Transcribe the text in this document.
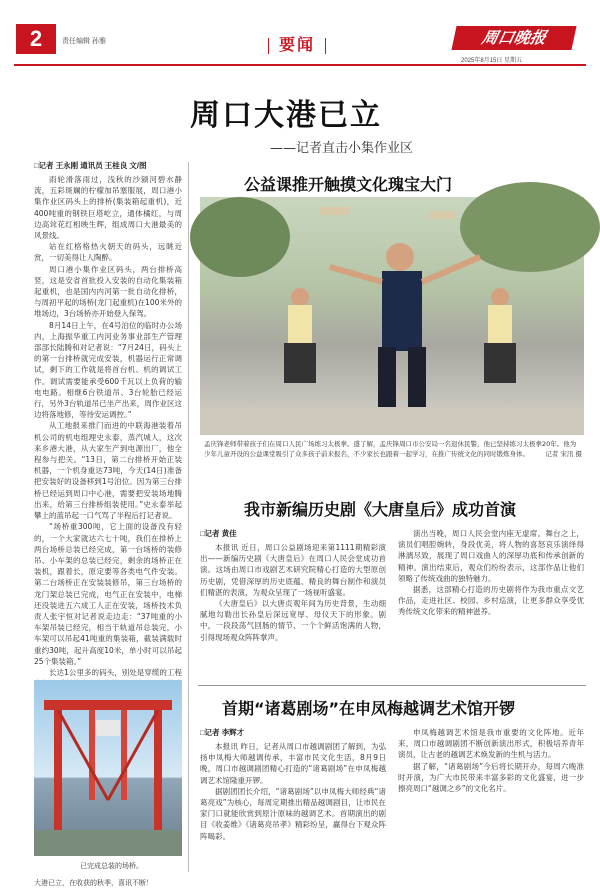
2	责任编辑 孙雅	要闻	周口晚报
2025年8月15日 星期五
周口大港已立
——记者直击小集作业区
□记者 王永刚 通讯员 王桂良 文/图

雨轮滑落雨过，浅秋的沙颍河碧水静流，五彩斑斓的柠檬加吊塞服展，周口港小集作业区码头上的排桥(集装箱起重机)，近400吨重的钢铁巨塔屹立，通体橘红，与周边高耸花红相映生辉，组成周口大港最美的风景线。

站在红格格热火朝天的码头，远眺近赏，一切美得让人陶醉。

周口港小集作业区码头，两台排桥高竖，这是安省首批投入安装的自动化集装箱起重机，也是国内内河第一批自动化排桥，与周初平起的场桥(龙门起重机)在100米外的堆场边，3台场桥亦开始登入保驾。

8月14日上午，在4号泊位的临时办公场内，上海振华重工内河业务事业部生产管理部部长陆腾和对记者说：“7月24日，码头上的第一台排桥就完成安装，机器运行正常调试，剩下的工作就是将首台机、机的调试工作。调试需要能承受600千瓦以上负荷的输电电路。相继6台铁道吊、3台轮胎已经运行，另外3台轨道吊已坐产出来，周作业区这边将落地修，等待安运调控。”

从工地报来推门而进的中联海港装着吊机公司的机电组理史永泰，蒸汽城人，这次来乡港大港，从大家生产到电源出厂，他全程参与把关。“13日，第二台排桥开始正装机器，一个机身重达73吨，今天(14日)准备把安装好的设备移到1号泊位。因为第三台排桥已经运到周口中心港，需要把安装场地腾出来，给第三台排桥组装使用。”史永泰举起攀上的蓝吊起一口气骂了半程后打记者说。

“场桥重300吨，它上面的设备没有轻的，一个大家就达六七十吨，我们在排桥上两台场桥总装已经完成，第一台场桥的装修吊、小车架的总装已经完，剩余的场桥正在装机，跟着长，原定要等各类电气件安装。第二台场桥正在安装装修吊，第三台场桥的龙门架总装已完成，电气正在安装中，电梯还没装进五六成工人正在安装，场桥技术负责人张宇恒对记者说走边走：“37吨重的小车架吊装已经完，相当于轨道吊总装完，小车架可以吊起41吨重的集装箱，截装满载时重约30吨，起升高度10米，单小时可以吊起25个集装箱。”

长达1公里多的码头，别处是穿缆的工程

已完成总装的场桥。
公益课推开触摸文化瑰宝大门
孟庆锋老师带着孩子们在周口人民广场练习太极拳。盛了解，孟庆锋周口市公安局一名退休民警，他已坚持练习太极拳20年。他为少年儿童开设的公益课堂吸引了众多孩子前来报名，不少家长也跟着一起学习，在推广传统文化的同时锻炼身体。	记者 宋汛 摄
我市新编历史剧《大唐皇后》成功首演
□记者 黄佳

本报讯 近日，周口公益剧场迎来第1111期精彩演出——新编历史剧《大唐皇后》在周口人民会堂成功首演。这场由周口市戏剧艺术研究院精心打造的大型原创历史剧，凭借深厚的历史底蕴、精良的舞台制作和演员们精湛的表演，为观众呈现了一场视听盛宴。

《大唐皇后》以大唐贞观年间为历史背景，生动细腻地勾勒出长孙皇后深远宽厚、母仪天下的形象。剧中，一段段荡气回肠的情节、一个个鲜活饱满的人物，引得现场观众阵阵掌声。

演出当晚，周口人民会堂内座无虚席。舞台之上，演员们唱腔婉转，身段优美，将人物的喜怒哀乐演绎得淋漓尽致，展现了周口戏曲人的深厚功底和传承创新的精神。演出结束后，观众们纷纷表示，这部作品让他们领略了传统戏曲的独特魅力。

据悉，这部精心打造的历史剧将作为我市重点文艺作品，走进社区、校园、乡村巡演，让更多群众享受优秀传统文化带来的精神滋养。

首期“诸葛剧场”在申凤梅越调艺术馆开锣
□记者 李辉才

本报讯 昨日，记者从周口市越调剧团了解到，为弘扬申凤梅大师越调传承，丰富市民文化生活，8月9日晚，周口市越调剧团精心打造的“诸葛剧场”在申凤梅越调艺术馆隆重开锣。

据剧团团长介绍，“诸葛剧场”以申凤梅大师经典“诸葛亮戏”为核心，每周定期推出精品越调剧目，让市民在家门口就能欣赏到原汁原味的越调艺术。首期演出的剧目《收姜维》《诸葛亮吊孝》精彩纷呈，赢得台下观众阵阵喝彩。

申凤梅越调艺术馆是我市重要的文化阵地。近年来，周口市越调剧团不断创新演出形式，积极培养青年演员，让古老的越调艺术焕发新的生机与活力。

据了解，“诸葛剧场”今后将长期开办，每周六晚准时开演，为广大市民带来丰富多彩的文化盛宴，进一步擦亮周口“越调之乡”的文化名片。

大港已立，在收获的秋季，喜讯不断！
